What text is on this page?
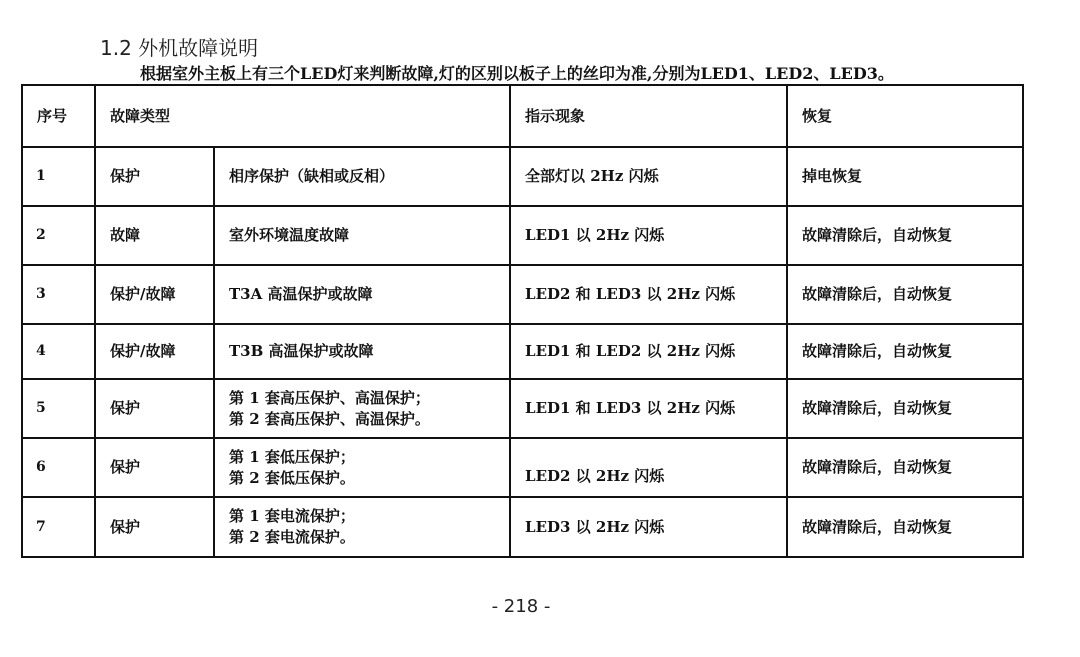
1.2 外机故障说明
根据室外主板上有三个LED灯来判断故障,灯的区别以板子上的丝印为准,分别为LED1、LED2、LED3。
序号	故障类型		指示现象	恢复
1	保护	相序保护（缺相或反相）	全部灯以 2Hz 闪烁	掉电恢复
2	故障	室外环境温度故障	LED1 以 2Hz 闪烁	故障清除后，自动恢复
3	保护/故障	T3A 高温保护或故障	LED2 和 LED3 以 2Hz 闪烁	故障清除后，自动恢复
4	保护/故障	T3B 高温保护或故障	LED1 和 LED2 以 2Hz 闪烁	故障清除后，自动恢复
5	保护	第 1 套高压保护、高温保护；
第 2 套高压保护、高温保护。	LED1 和 LED3 以 2Hz 闪烁	故障清除后，自动恢复
6	保护	第 1 套低压保护；
第 2 套低压保护。	LED2 以 2Hz 闪烁	故障清除后，自动恢复
7	保护	第 1 套电流保护；
第 2 套电流保护。	LED3 以 2Hz 闪烁	故障清除后，自动恢复
- 218 -
